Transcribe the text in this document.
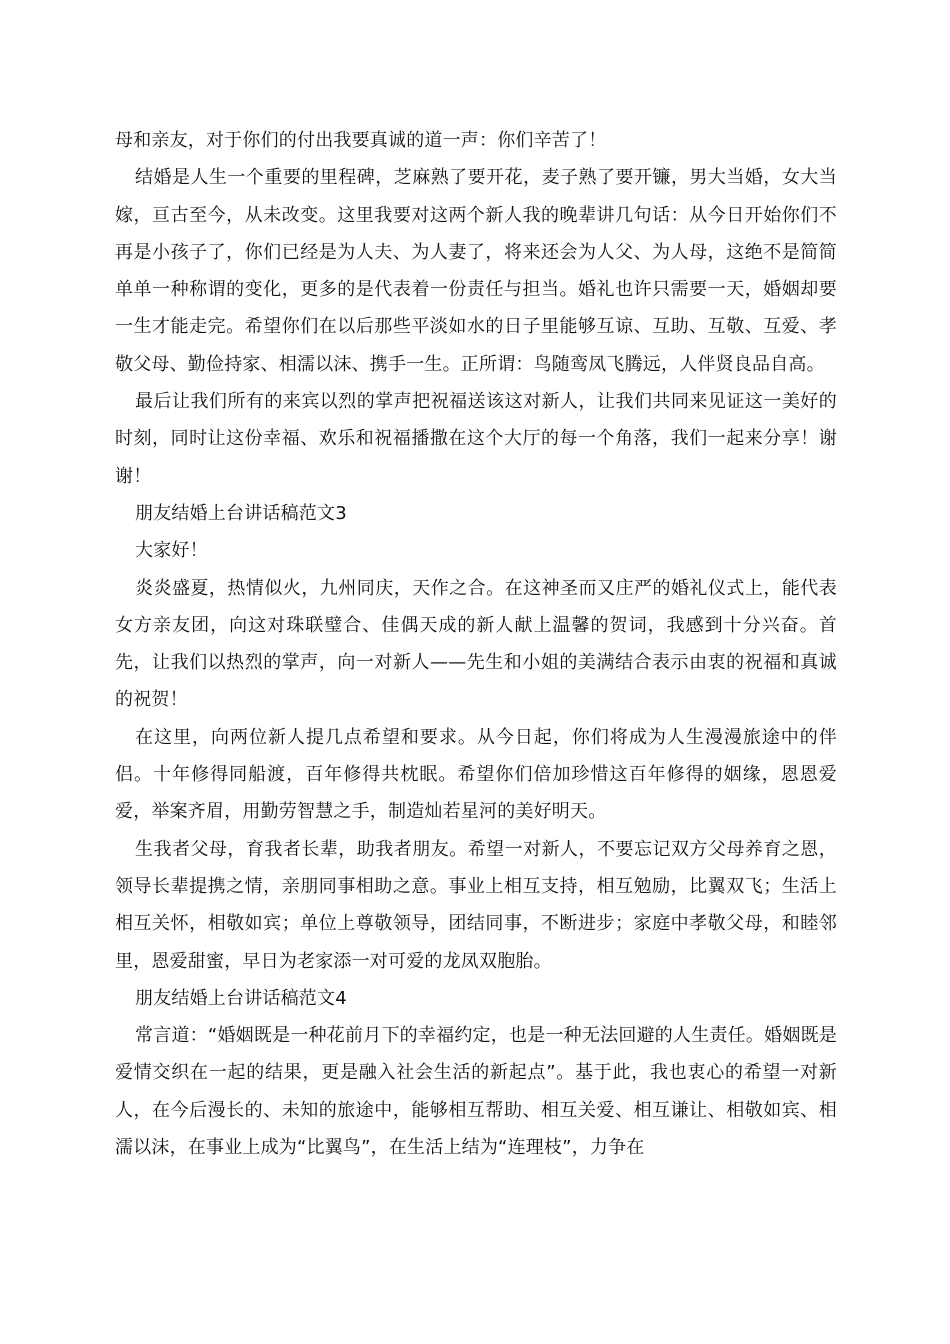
母和亲友，对于你们的付出我要真诚的道一声：你们辛苦了！

结婚是人生一个重要的里程碑，芝麻熟了要开花，麦子熟了要开镰，男大当婚，女大当嫁，亘古至今，从未改变。这里我要对这两个新人我的晚辈讲几句话：从今日开始你们不再是小孩子了，你们已经是为人夫、为人妻了，将来还会为人父、为人母，这绝不是简简单单一种称谓的变化，更多的是代表着一份责任与担当。婚礼也许只需要一天，婚姻却要一生才能走完。希望你们在以后那些平淡如水的日子里能够互谅、互助、互敬、互爱、孝敬父母、勤俭持家、相濡以沫、携手一生。正所谓：鸟随鸾凤飞腾远，人伴贤良品自高。

最后让我们所有的来宾以烈的掌声把祝福送该这对新人，让我们共同来见证这一美好的时刻，同时让这份幸福、欢乐和祝福播撒在这个大厅的每一个角落，我们一起来分享！谢谢！

朋友结婚上台讲话稿范文3

大家好！

炎炎盛夏，热情似火，九州同庆，天作之合。在这神圣而又庄严的婚礼仪式上，能代表女方亲友团，向这对珠联璧合、佳偶天成的新人献上温馨的贺词，我感到十分兴奋。首先，让我们以热烈的掌声，向一对新人——先生和小姐的美满结合表示由衷的祝福和真诚的祝贺！

在这里，向两位新人提几点希望和要求。从今日起，你们将成为人生漫漫旅途中的伴侣。十年修得同船渡，百年修得共枕眠。希望你们倍加珍惜这百年修得的姻缘，恩恩爱爱，举案齐眉，用勤劳智慧之手，制造灿若星河的美好明天。

生我者父母，育我者长辈，助我者朋友。希望一对新人，不要忘记双方父母养育之恩，领导长辈提携之情，亲朋同事相助之意。事业上相互支持，相互勉励，比翼双飞；生活上相互关怀，相敬如宾；单位上尊敬领导，团结同事，不断进步；家庭中孝敬父母，和睦邻里，恩爱甜蜜，早日为老家添一对可爱的龙凤双胞胎。

朋友结婚上台讲话稿范文4

常言道：“婚姻既是一种花前月下的幸福约定，也是一种无法回避的人生责任。婚姻既是爱情交织在一起的结果，更是融入社会生活的新起点”。基于此，我也衷心的希望一对新人，在今后漫长的、未知的旅途中，能够相互帮助、相互关爱、相互谦让、相敬如宾、相濡以沫，在事业上成为“比翼鸟”，在生活上结为“连理枝”，力争在
